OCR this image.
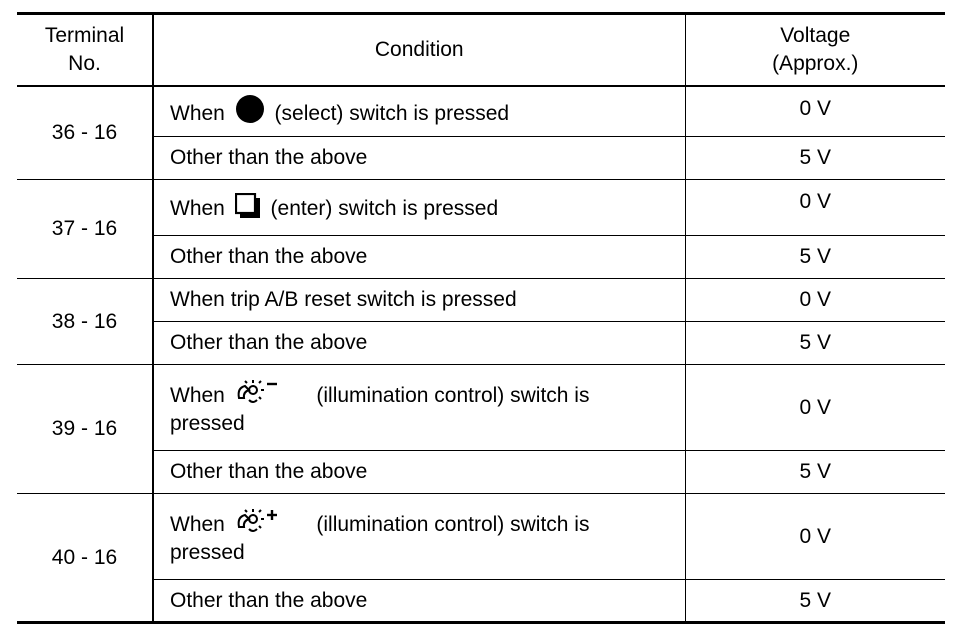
Terminal
No.	Condition	Voltage
(Approx.)
36 - 16	When (select) switch is pressed	0 V
	Other than the above	5 V
37 - 16	When (enter) switch is pressed	0 V
	Other than the above	5 V
38 - 16	When trip A/B reset switch is pressed	0 V
	Other than the above	5 V
39 - 16	When (illumination control) switch is
pressed	0 V
	Other than the above	5 V
40 - 16	When (illumination control) switch is
pressed	0 V
	Other than the above	5 V
